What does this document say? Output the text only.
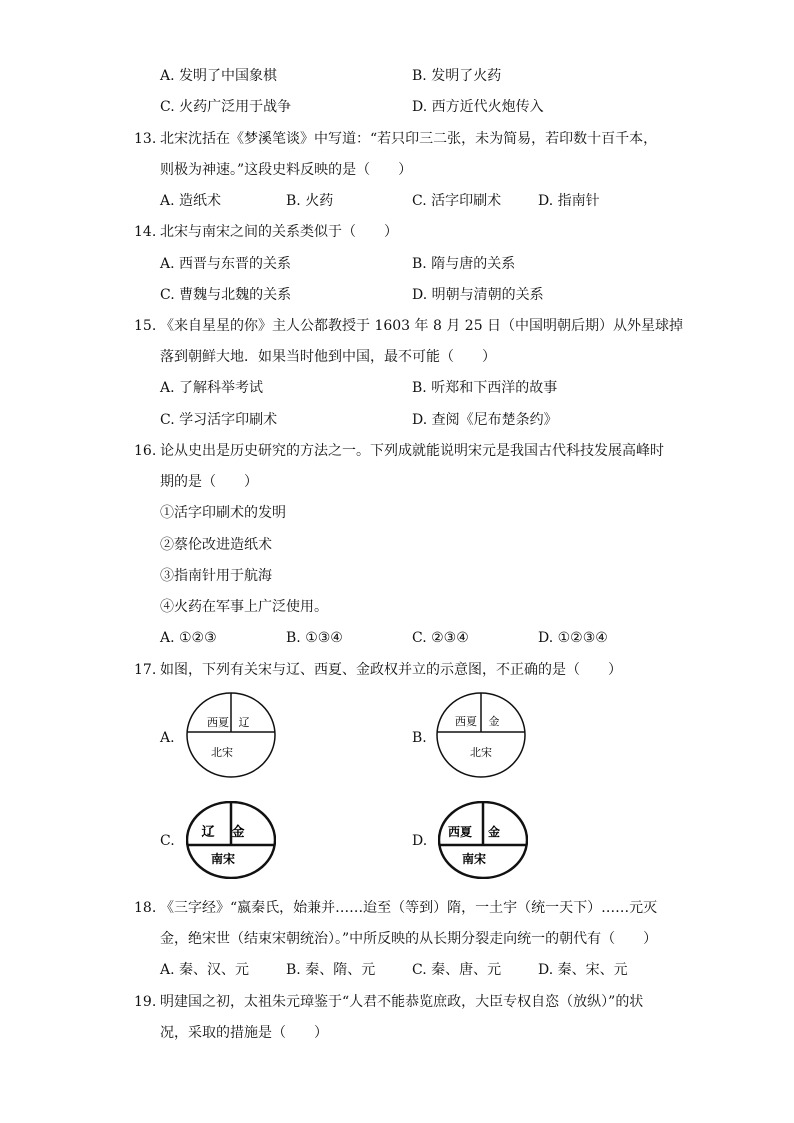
A. 发明了中国象棋	B. 发明了火药
C. 火药广泛用于战争	D. 西方近代火炮传入
13. 北宋沈括在《梦溪笔谈》中写道：“若只印三二张，未为简易，若印数十百千本，
则极为神速。”这段史料反映的是（　　）
A. 造纸术	B. 火药	C. 活字印刷术	D. 指南针
14. 北宋与南宋之间的关系类似于（　　）
A. 西晋与东晋的关系	B. 隋与唐的关系
C. 曹魏与北魏的关系	D. 明朝与清朝的关系
15. 《来自星星的你》主人公都教授于 1603 年 8 月 25 日（中国明朝后期）从外星球掉
落到朝鲜大地．如果当时他到中国，最不可能（　　）
A. 了解科举考试	B. 听郑和下西洋的故事
C. 学习活字印刷术	D. 查阅《尼布楚条约》
16. 论从史出是历史研究的方法之一。下列成就能说明宋元是我国古代科技发展高峰时
期的是（　　）
①活字印刷术的发明
②蔡伦改进造纸术
③指南针用于航海
④火药在军事上广泛使用。
A. ①②③	B. ①③④	C. ②③④	D. ①②③④
17. 如图，下列有关宋与辽、西夏、金政权并立的示意图，不正确的是（　　）
A.
西夏 辽
北宋
B.
西夏 金
北宋
C.
辽 金
南宋
D.
西夏 金
南宋
18. 《三字经》“嬴秦氏，始兼并……迨至（等到）隋，一土宇（统一天下）……元灭
金，绝宋世（结束宋朝统治）。”中所反映的从长期分裂走向统一的朝代有（　　）
A. 秦、汉、元	B. 秦、隋、元	C. 秦、唐、元	D. 秦、宋、元
19. 明建国之初，太祖朱元璋鉴于“人君不能恭览庶政，大臣专权自恣（放纵）”的状
况，采取的措施是（　　）
